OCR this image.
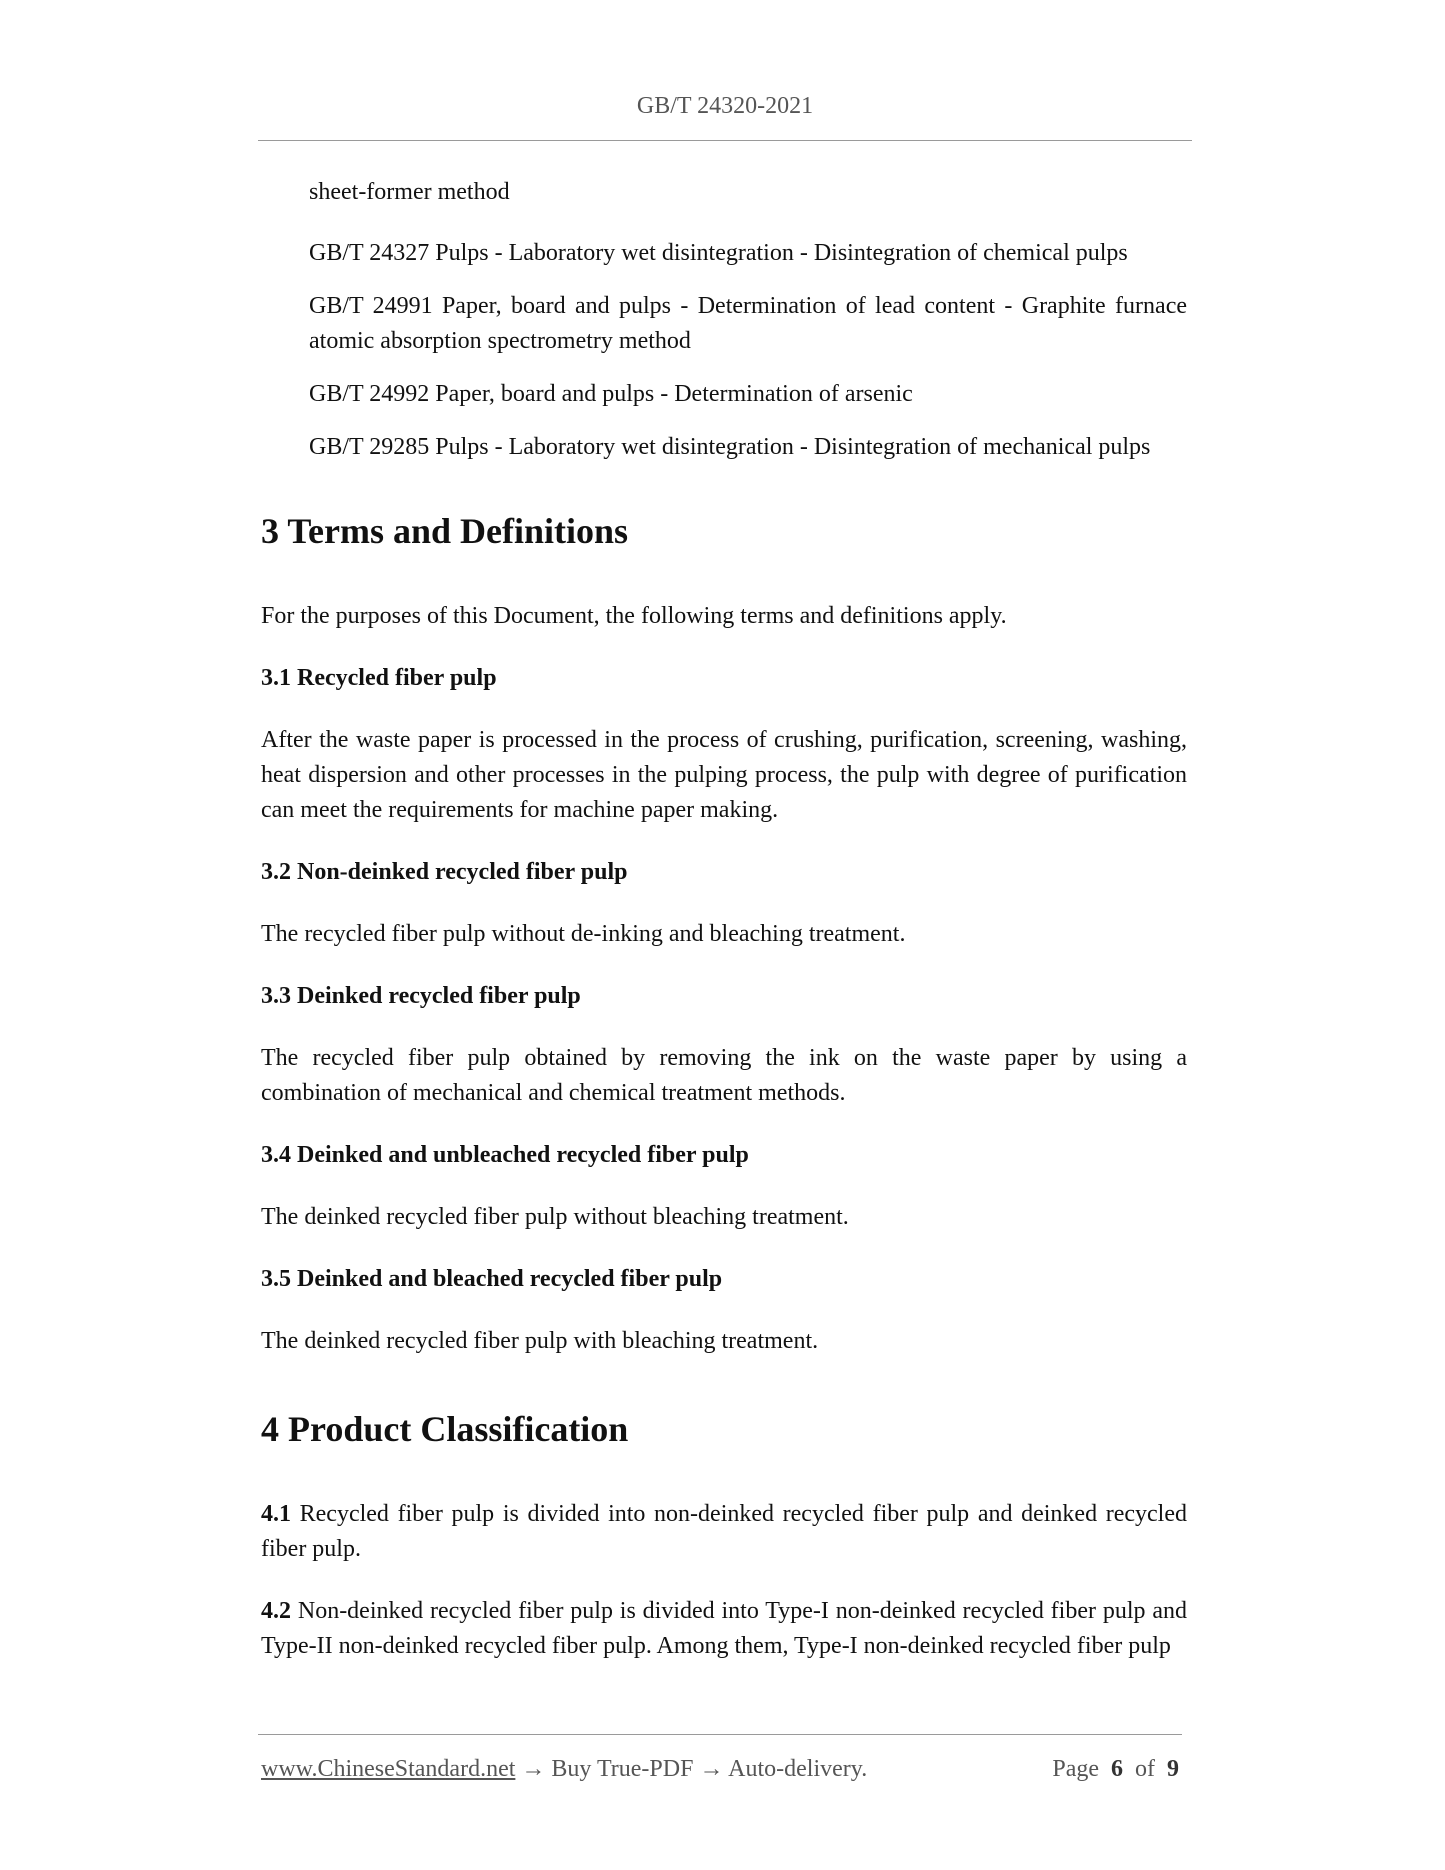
GB/T 24320-2021

sheet-former method

GB/T 24327 Pulps - Laboratory wet disintegration - Disintegration of chemical pulps

GB/T 24991 Paper, board and pulps - Determination of lead content - Graphite furnace atomic absorption spectrometry method

GB/T 24992 Paper, board and pulps - Determination of arsenic

GB/T 29285 Pulps - Laboratory wet disintegration - Disintegration of mechanical pulps

3 Terms and Definitions

For the purposes of this Document, the following terms and definitions apply.

3.1 Recycled fiber pulp

After the waste paper is processed in the process of crushing, purification, screening, washing, heat dispersion and other processes in the pulping process, the pulp with degree of purification can meet the requirements for machine paper making.

3.2 Non-deinked recycled fiber pulp

The recycled fiber pulp without de-inking and bleaching treatment.

3.3 Deinked recycled fiber pulp

The recycled fiber pulp obtained by removing the ink on the waste paper by using a combination of mechanical and chemical treatment methods.

3.4 Deinked and unbleached recycled fiber pulp

The deinked recycled fiber pulp without bleaching treatment.

3.5 Deinked and bleached recycled fiber pulp

The deinked recycled fiber pulp with bleaching treatment.

4 Product Classification

4.1 Recycled fiber pulp is divided into non-deinked recycled fiber pulp and deinked recycled fiber pulp.

4.2 Non-deinked recycled fiber pulp is divided into Type-I non-deinked recycled fiber pulp and Type-II non-deinked recycled fiber pulp. Among them, Type-I non-deinked recycled fiber pulp

www.ChineseStandard.net → Buy True-PDF → Auto-delivery.	Page 6 of 9
